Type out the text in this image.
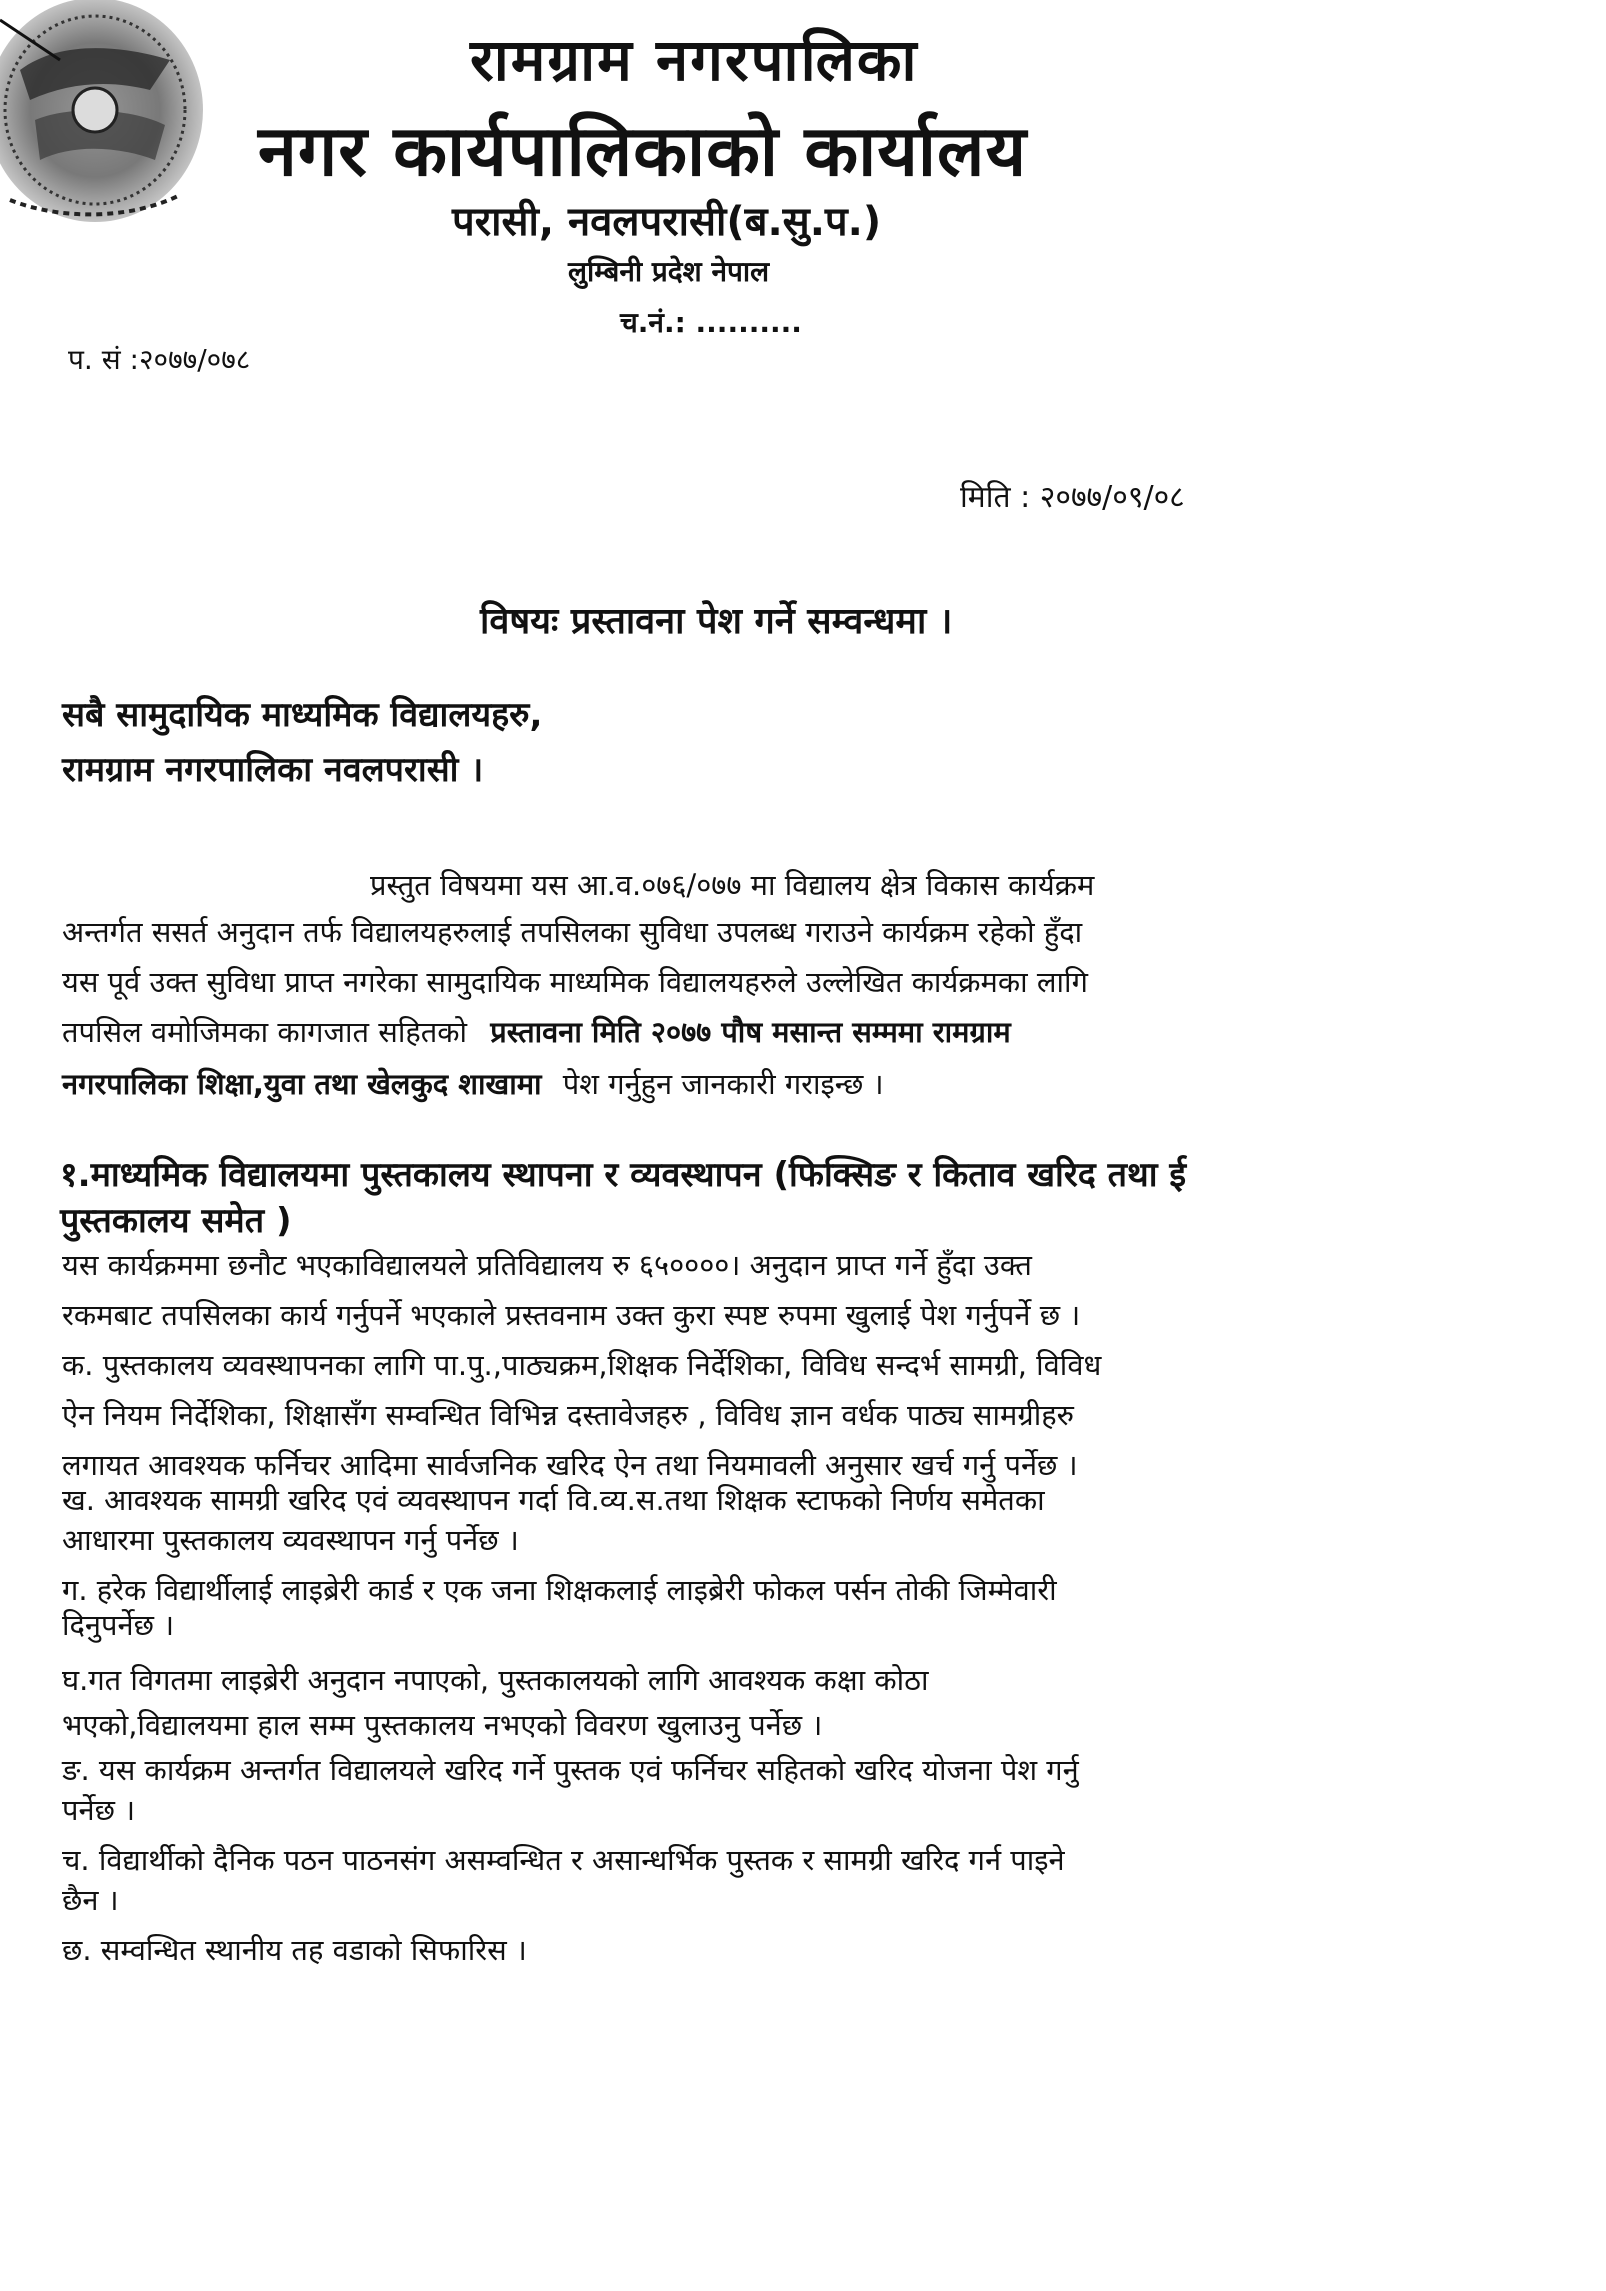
रामग्राम नगरपालिका
नगर कार्यपालिकाको कार्यालय
परासी, नवलपरासी(ब.सु.प.)
लुम्बिनी प्रदेश नेपाल
च.नं.: ..........
प. सं :२०७७/०७८
मिति : २०७७/०९/०८
विषयः प्रस्तावना पेश गर्ने सम्वन्धमा ।
सबै सामुदायिक माध्यमिक विद्यालयहरु,
रामग्राम नगरपालिका नवलपरासी ।
प्रस्तुत विषयमा यस आ.व.०७६/०७७ मा विद्यालय क्षेत्र विकास कार्यक्रम
अन्तर्गत ससर्त अनुदान तर्फ विद्यालयहरुलाई तपसिलका सुविधा उपलब्ध गराउने कार्यक्रम रहेको हुँदा
यस पूर्व उक्त सुविधा प्राप्त नगरेका सामुदायिक माध्यमिक विद्यालयहरुले उल्लेखित कार्यक्रमका लागि
तपसिल वमोजिमका कागजात सहितको प्रस्तावना मिति २०७७ पौष मसान्त सम्ममा रामग्राम
नगरपालिका शिक्षा,युवा तथा खेलकुद शाखामा पेश गर्नुहुन जानकारी गराइन्छ ।
१.माध्यमिक विद्यालयमा पुस्तकालय स्थापना र व्यवस्थापन (फिक्सिङ र किताव खरिद तथा ई
पुस्तकालय समेत )
यस कार्यक्रममा छनौट भएकाविद्यालयले प्रतिविद्यालय रु ६५००००। अनुदान प्राप्त गर्ने हुँदा उक्त
रकमबाट तपसिलका कार्य गर्नुपर्ने भएकाले प्रस्तवनाम उक्त कुरा स्पष्ट रुपमा खुलाई पेश गर्नुपर्ने छ ।
क. पुस्तकालय व्यवस्थापनका लागि पा.पु.,पाठ्यक्रम,शिक्षक निर्देशिका, विविध सन्दर्भ सामग्री, विविध
ऐन नियम निर्देशिका, शिक्षासँग सम्वन्धित विभिन्न दस्तावेजहरु , विविध ज्ञान वर्धक पाठ्य सामग्रीहरु
लगायत आवश्यक फर्निचर आदिमा सार्वजनिक खरिद ऐन तथा नियमावली अनुसार खर्च गर्नु पर्नेछ ।
ख. आवश्यक सामग्री खरिद एवं व्यवस्थापन गर्दा वि.व्य.स.तथा शिक्षक स्टाफको निर्णय समेतका
आधारमा पुस्तकालय व्यवस्थापन गर्नु पर्नेछ ।
ग. हरेक विद्यार्थीलाई लाइब्रेरी कार्ड र एक जना शिक्षकलाई लाइब्रेरी फोकल पर्सन तोकी जिम्मेवारी
दिनुपर्नेछ ।
घ.गत विगतमा लाइब्रेरी अनुदान नपाएको, पुस्तकालयको लागि आवश्यक कक्षा कोठा
भएको,विद्यालयमा हाल सम्म पुस्तकालय नभएको विवरण खुलाउनु पर्नेछ ।
ङ. यस कार्यक्रम अन्तर्गत विद्यालयले खरिद गर्ने पुस्तक एवं फर्निचर सहितको खरिद योजना पेश गर्नु
पर्नेछ ।
च. विद्यार्थीको दैनिक पठन पाठनसंग असम्वन्धित र असान्धर्भिक पुस्तक र सामग्री खरिद गर्न पाइने
छैन ।
छ. सम्वन्धित स्थानीय तह वडाको सिफारिस ।
